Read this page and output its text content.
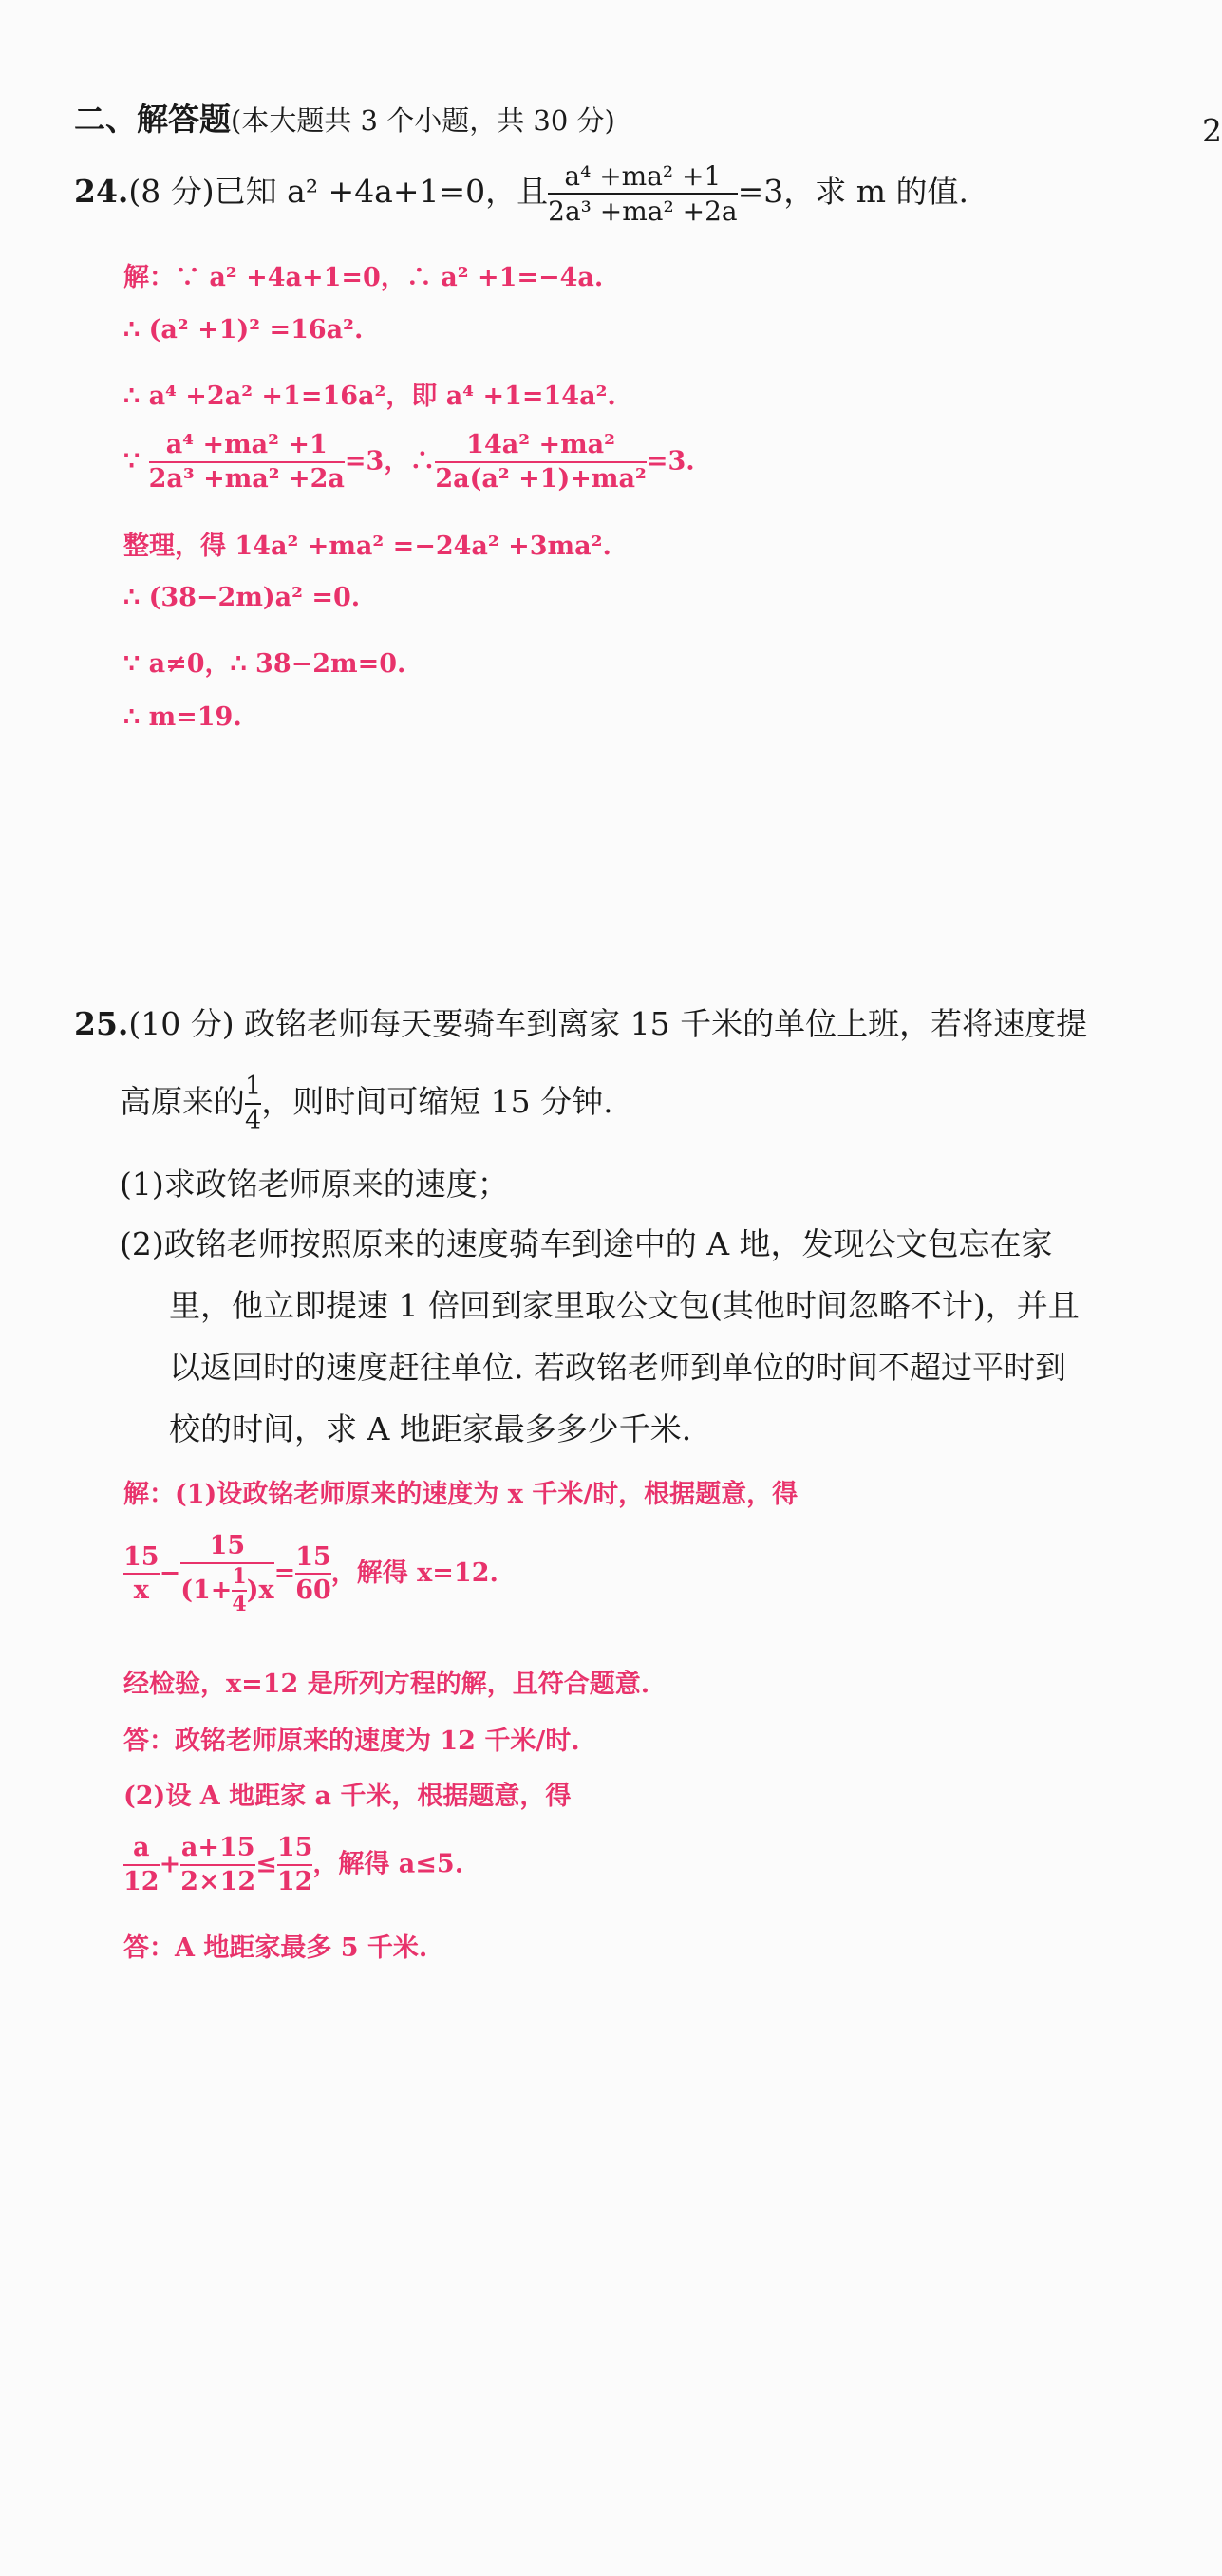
2
二、解答题(本大题共 3 个小题，共 30 分)
24.(8 分)已知 a² +4a+1=0，且 $\frac{\text{a⁴ +ma² +1}}{\text{2a³ +ma² +2a}} =3$，求 m 的值.
解：∵ a² +4a+1=0，∴ a² +1=−4a.
∴ (a² +1)² =16a².
∴ a⁴ +2a² +1=16a²，即 a⁴ +1=14a².
∵ $\frac{\text{a⁴ +ma² +1}}{\text{2a³ +ma² +2a}} =3$，∴ $\frac{\text{14a² +ma²}}{\text{2a(a² +1)+ma²}} =3$.
整理，得 14a² +ma² =−24a² +3ma².
∴ (38−2m)a² =0.
∵ a≠0，∴ 38−2m=0.
∴ m=19.
25.(10 分) 政铭老师每天要骑车到离家 15 千米的单位上班，若将速度提
高原来的 $\frac{1}{4}$ ，则时间可缩短 15 分钟.
(1)求政铭老师原来的速度；
(2)政铭老师按照原来的速度骑车到途中的 A 地，发现公文包忘在家
里，他立即提速 1 倍回到家里取公文包(其他时间忽略不计)，并且
以返回时的速度赶往单位. 若政铭老师到单位的时间不超过平时到
校的时间，求 A 地距家最多多少千米.
解：(1)设政铭老师原来的速度为 x 千米/时，根据题意，得
$\frac{15}{x} - \frac{15}{(1+ \frac{1}{4} )x} = \frac{15}{60}$ ，解得 x=12.
经检验，x=12 是所列方程的解，且符合题意.
答：政铭老师原来的速度为 12 千米/时.
(2)设 A 地距家 a 千米，根据题意，得
$\frac{a}{12} + \frac{a+15}{2\times 12} \le \frac{15}{12}$ ，解得 a≤5.
答：A 地距家最多 5 千米.
